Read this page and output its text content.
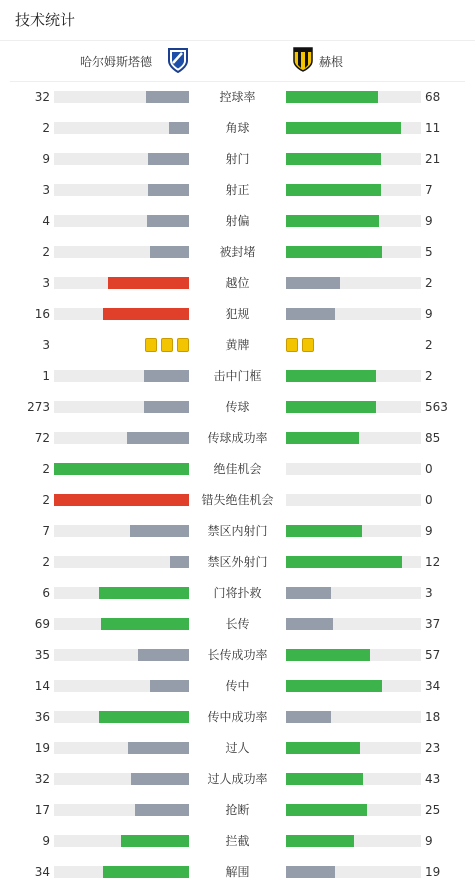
技术统计
哈尔姆斯塔德	赫根
32	控球率	68
2	角球	11
9	射门	21
3	射正	7
4	射偏	9
2	被封堵	5
3	越位	2
16	犯规	9
3	黄牌	2
1	击中门框	2
273	传球	563
72	传球成功率	85
2	绝佳机会	0
2	错失绝佳机会	0
7	禁区内射门	9
2	禁区外射门	12
6	门将扑救	3
69	长传	37
35	长传成功率	57
14	传中	34
36	传中成功率	18
19	过人	23
32	过人成功率	43
17	抢断	25
9	拦截	9
34	解围	19
